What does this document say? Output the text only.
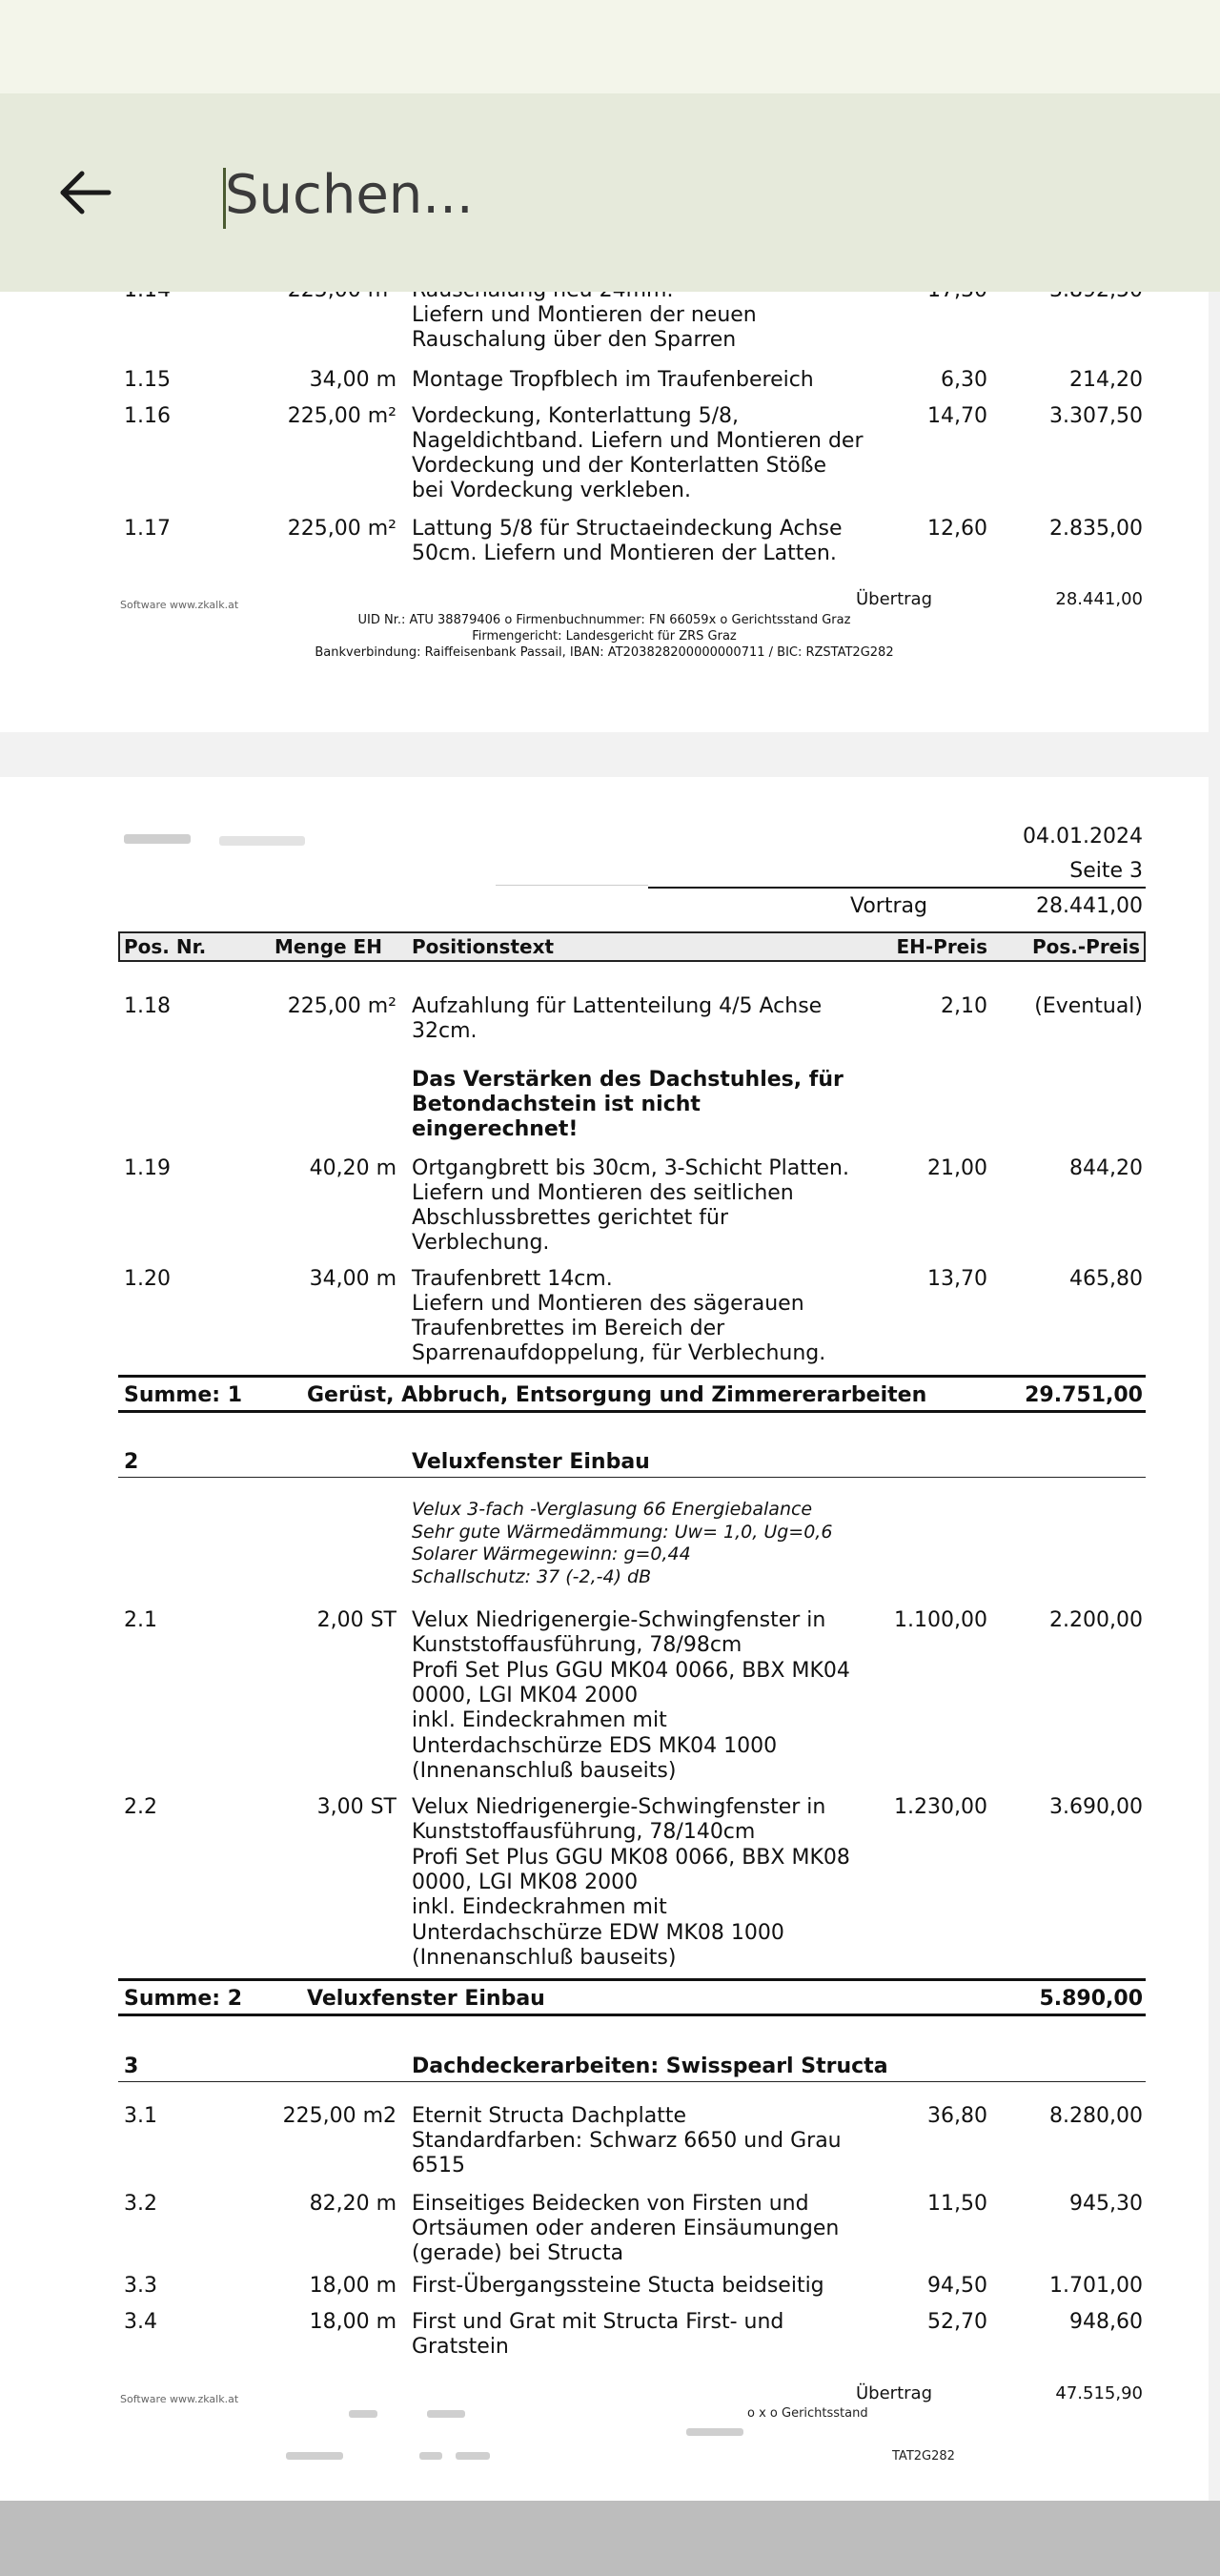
Suchen...
Liefern und Montieren der neuen
Rauschalung über den Sparren
1.15	34,00 m Montage Tropfblech im Traufenbereich	6,30	214,20
1.16	225,00 m² Vordeckung, Konterlattung 5/8,
Nageldichtband. Liefern und Montieren der
Vordeckung und der Konterlatten Stöße
bei Vordeckung verkleben.
14,70	3.307,50
1.17	225,00 m² Lattung 5/8 für Structaeindeckung Achse
50cm. Liefern und Montieren der Latten.
12,60	2.835,00
Software www.zkalk.at	Übertrag	28.441,00
UID Nr.: ATU 38879406 o Firmenbuchnummer: FN 66059x o Gerichtsstand Graz
Firmengericht: Landesgericht für ZRS Graz
Bankverbindung: Raiffeisenbank Passail, IBAN: AT203828200000000711 / BIC: RZSTAT2G282
04.01.2024
Seite 3
Vortrag	28.441,00
Pos. Nr.	Menge EH Positionstext	EH-Preis Pos.-Preis
1.18	225,00 m² Aufzahlung für Lattenteilung 4/5 Achse
32cm.
2,10 (Eventual)
Das Verstärken des Dachstuhles, für
Betondachstein ist nicht
eingerechnet!
1.19	40,20 m Ortgangbrett bis 30cm, 3-Schicht Platten.
Liefern und Montieren des seitlichen
Abschlussbrettes gerichtet für
Verblechung.
21,00	844,20
1.20	34,00 m Traufenbrett 14cm.
Liefern und Montieren des sägerauen
Traufenbrettes im Bereich der
Sparrenaufdoppelung, für Verblechung.
13,70	465,80
Summe: 1	Gerüst, Abbruch, Entsorgung und Zimmererarbeiten	29.751,00
2	Veluxfenster Einbau
Velux 3-fach -Verglasung 66 Energiebalance
Sehr gute Wärmedämmung: Uw= 1,0, Ug=0,6
Solarer Wärmegewinn: g=0,44
Schallschutz: 37 (-2,-4) dB
2.1	2,00 ST Velux Niedrigenergie-Schwingfenster in
Kunststoffausführung, 78/98cm
Profi Set Plus GGU MK04 0066, BBX MK04
0000, LGI MK04 2000
inkl. Eindeckrahmen mit
Unterdachschürze EDS MK04 1000
(Innenanschluß bauseits)
1.100,00	2.200,00
2.2	3,00 ST Velux Niedrigenergie-Schwingfenster in
Kunststoffausführung, 78/140cm
Profi Set Plus GGU MK08 0066, BBX MK08
0000, LGI MK08 2000
inkl. Eindeckrahmen mit
Unterdachschürze EDW MK08 1000
(Innenanschluß bauseits)
1.230,00	3.690,00
Summe: 2	Veluxfenster Einbau	5.890,00
3	Dachdeckerarbeiten: Swisspearl Structa
3.1	225,00 m2 Eternit Structa Dachplatte
Standardfarben: Schwarz 6650 und Grau
6515
36,80	8.280,00
3.2	82,20 m Einseitiges Beidecken von Firsten und
Ortsäumen oder anderen Einsäumungen
(gerade) bei Structa
11,50	945,30
3.3	18,00 m First-Übergangssteine Stucta beidseitig	94,50	1.701,00
3.4	18,00 m First und Grat mit Structa First- und
Gratstein
52,70	948,60
Software www.zkalk.at	Übertrag	47.515,90
o x o Gerichtsstand
TAT2G282
